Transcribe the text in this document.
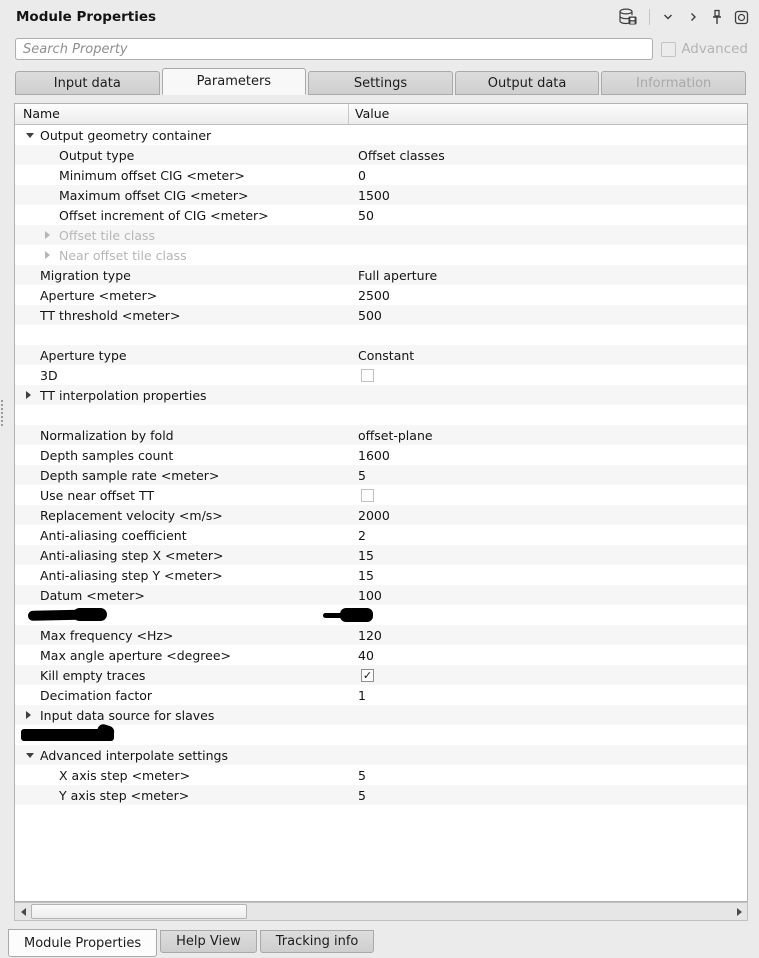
Module Properties
Search Property
Advanced
Input data	Parameters	Settings	Output data	Information
Name	Value
Output geometry container
Output type	Offset classes
Minimum offset CIG <meter>	0
Maximum offset CIG <meter>	1500
Offset increment of CIG <meter>	50
Offset tile class
Near offset tile class
Migration type	Full aperture
Aperture <meter>	2500
TT threshold <meter>	500
Aperture type	Constant
3D
TT interpolation properties
Normalization by fold	offset-plane
Depth samples count	1600
Depth sample rate <meter>	5
Use near offset TT
Replacement velocity <m/s>	2000
Anti-aliasing coefficient	2
Anti-aliasing step X <meter>	15
Anti-aliasing step Y <meter>	15
Datum <meter>	100
Max frequency <Hz>	120
Max angle aperture <degree>	40
Kill empty traces	✓
Decimation factor	1
Input data source for slaves
Advanced interpolate settings
X axis step <meter>	5
Y axis step <meter>	5
Module Properties	Help View	Tracking info
